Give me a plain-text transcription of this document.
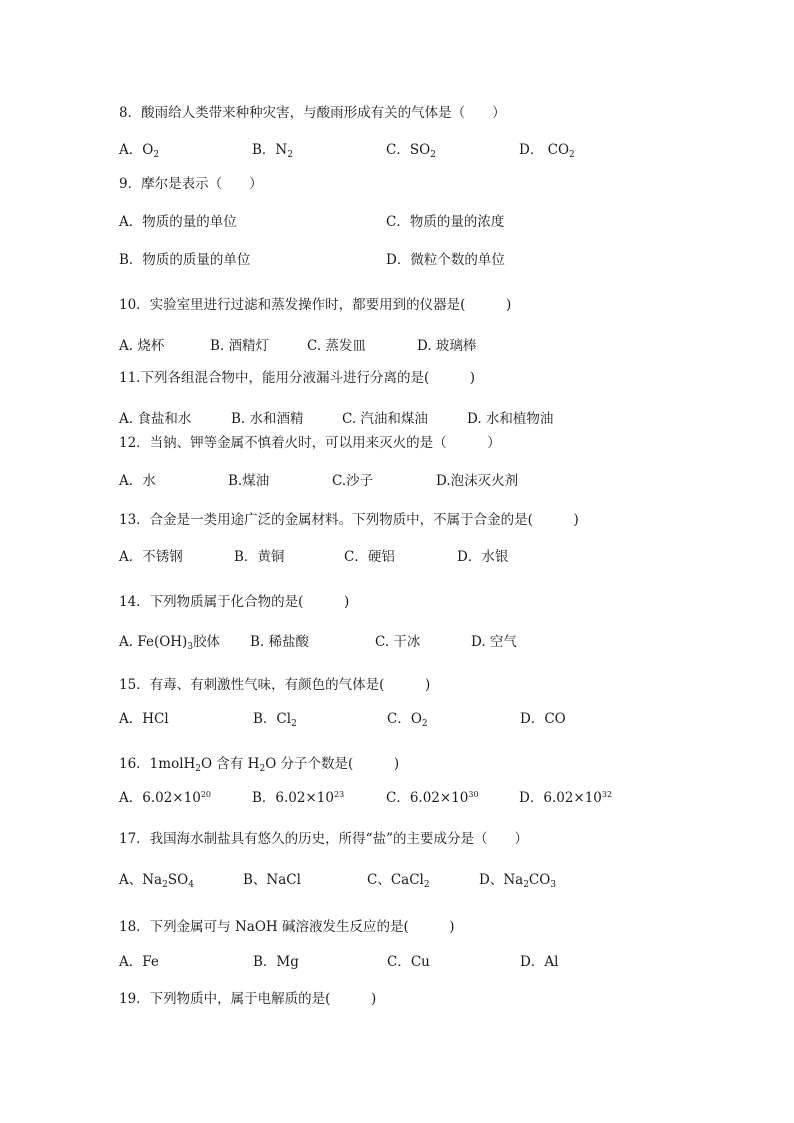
8．酸雨给人类带来种种灾害，与酸雨形成有关的气体是（　　）
A．$O_2$	B．$N_2$	C．$SO_2$	D． $CO_2$
9．摩尔是表示（　　）
A．物质的量的单位	C．物质的量的浓度
B．物质的质量的单位	D．微粒个数的单位
10．实验室里进行过滤和蒸发操作时，都要用到的仪器是(　　　)
A. 烧杯	B. 酒精灯	C. 蒸发皿	D. 玻璃棒
11.下列各组混合物中，能用分液漏斗进行分离的是(　　　)
A. 食盐和水	B. 水和酒精	C. 汽油和煤油	D. 水和植物油
12．当钠、钾等金属不慎着火时，可以用来灭火的是（　　　）
A．水	B.煤油	C.沙子	D.泡沫灭火剂
13．合金是一类用途广泛的金属材料。下列物质中，不属于合金的是(　　　)
A．不锈钢	B．黄铜	C．硬铝	D．水银
14．下列物质属于化合物的是(　　　)
A. $Fe(OH)_3$胶体 B. 稀盐酸	C. 干冰	D. 空气
15．有毒、有刺激性气味，有颜色的气体是(　　　)
A．HCl	B．$Cl_2$	C．$O_2$	D．CO
16．1molH$_2$O 含有 $H_2O$ 分子个数是(　　　)
A．$6.02\times 10^{20}$	B．$6.02\times 10^{23}$	C．$6.02\times 10^{30}$	D．$6.02\times 10^{32}$
17．我国海水制盐具有悠久的历史，所得“盐”的主要成分是（　　）
A、$Na_2SO_4$	B、NaCl	C、CaCl$_2$	D、$Na_2CO_3$
18．下列金属可与 NaOH 碱溶液发生反应的是(　　　)
A．Fe	B．Mg	C．Cu	D．Al
19．下列物质中，属于电解质的是(　　　)
